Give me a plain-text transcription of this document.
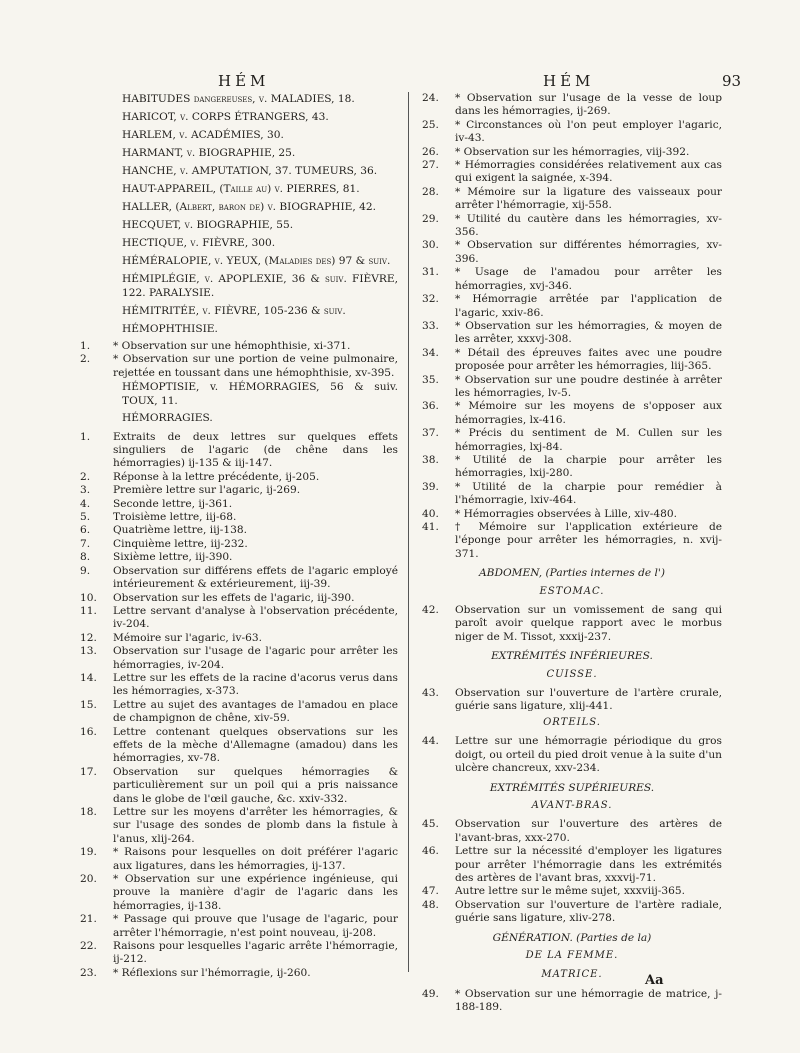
HÉM	HÉM	93

HABITUDES dangereuses, v. MALADIES, 18.

HARICOT, v. CORPS ÉTRANGERS, 43.

HARLEM, v. ACADÉMIES, 30.

HARMANT, v. BIOGRAPHIE, 25.

HANCHE, v. AMPUTATION, 37. TUMEURS, 36.

HAUT-APPAREIL, (Taille au) v. PIERRES, 81.

HALLER, (Albert, baron de) v. BIOGRAPHIE, 42.

HECQUET, v. BIOGRAPHIE, 55.

HECTIQUE, v. FIÈVRE, 300.

HÉMÉRALOPIE, v. YEUX, (Maladies des) 97 & suiv.

HÉMIPLÉGIE, v. APOPLEXIE, 36 & suiv. FIÈVRE, 122. PARALYSIE.

HÉMITRITÉE, v. FIÈVRE, 105-236 & suiv.

HÉMOPHTHISIE.

1.	* Observation sur une hémophthisie, xi-371.

2.	* Observation sur une portion de veine pulmonaire, rejettée en toussant dans une hémophthisie, xv-395.

HÉMOPTISIE, v. HÉMORRAGIES, 56 & suiv. TOUX, 11.

HÉMORRAGIES.

1.	Extraits de deux lettres sur quelques effets singuliers de l'agaric (de chêne dans les hémorragies) ij-135 & iij-147.

2.	Réponse à la lettre précédente, ij-205.

3.	Première lettre sur l'agaric, ij-269.

4.	Seconde lettre, ij-361.

5.	Troisième lettre, iij-68.

6.	Quatrième lettre, iij-138.

7.	Cinquième lettre, iij-232.

8.	Sixième lettre, iij-390.

9.	Observation sur différens effets de l'agaric employé intérieurement & extérieurement, iij-39.

10.	Observation sur les effets de l'agaric, iij-390.

11.	Lettre servant d'analyse à l'observation précédente, iv-204.

12.	Mémoire sur l'agaric, iv-63.

13.	Observation sur l'usage de l'agaric pour arrêter les hémorragies, iv-204.

14.	Lettre sur les effets de la racine d'acorus verus dans les hémorragies, x-373.

15.	Lettre au sujet des avantages de l'amadou en place de champignon de chêne, xiv-59.

16.	Lettre contenant quelques observations sur les effets de la mèche d'Allemagne (amadou) dans les hémorragies, xv-78.

17.	Observation sur quelques hémorragies & particulièrement sur un poil qui a pris naissance dans le globe de l'œil gauche, &c. xxiv-332.

18.	Lettre sur les moyens d'arrêter les hémorragies, & sur l'usage des sondes de plomb dans la fistule à l'anus, xlij-264.

19.	* Raisons pour lesquelles on doit préférer l'agaric aux ligatures, dans les hémorragies, ij-137.

20.	* Observation sur une expérience ingénieuse, qui prouve la manière d'agir de l'agaric dans les hémorragies, ij-138.

21.	* Passage qui prouve que l'usage de l'agaric, pour arrêter l'hémorragie, n'est point nouveau, ij-208.

22.	Raisons pour lesquelles l'agaric arrête l'hémorragie, ij-212.

23.	* Réflexions sur l'hémorragie, ij-260.

24.	* Observation sur l'usage de la vesse de loup dans les hémorragies, ij-269.

25.	* Circonstances où l'on peut employer l'agaric, iv-43.

26.	* Observation sur les hémorragies, viij-392.

27.	* Hémorragies considérées relativement aux cas qui exigent la saignée, x-394.

28.	* Mémoire sur la ligature des vaisseaux pour arrêter l'hémorragie, xij-558.

29.	* Utilité du cautère dans les hémorragies, xv-356.

30.	* Observation sur différentes hémorragies, xv-396.

31.	* Usage de l'amadou pour arrêter les hémorragies, xvj-346.

32.	* Hémorragie arrêtée par l'application de l'agaric, xxiv-86.

33.	* Observation sur les hémorragies, & moyen de les arrêter, xxxvj-308.

34.	* Détail des épreuves faites avec une poudre proposée pour arrêter les hémorragies, liij-365.

35.	* Observation sur une poudre destinée à arrêter les hémorragies, lv-5.

36.	* Mémoire sur les moyens de s'opposer aux hémorragies, lx-416.

37.	* Précis du sentiment de M. Cullen sur les hémorragies, lxj-84.

38.	* Utilité de la charpie pour arrêter les hémorragies, lxij-280.

39.	* Utilité de la charpie pour remédier à l'hémorragie, lxiv-464.

40.	* Hémorragies observées à Lille, xiv-480.

41.	† Mémoire sur l'application extérieure de l'éponge pour arrêter les hémorragies, n. xvij-371.

ABDOMEN, (Parties internes de l')

ESTOMAC.

42.	Observation sur un vomissement de sang qui paroît avoir quelque rapport avec le morbus niger de M. Tissot, xxxij-237.

EXTRÉMITÉS INFÉRIEURES.

CUISSE.

43.	Observation sur l'ouverture de l'artère crurale, guérie sans ligature, xlij-441.

ORTEILS.

44.	Lettre sur une hémorragie périodique du gros doigt, ou orteil du pied droit venue à la suite d'un ulcère chancreux, xxv-234.

EXTRÉMITÉS SUPÉRIEURES.

AVANT-BRAS.

45.	Observation sur l'ouverture des artères de l'avant-bras, xxx-270.

46.	Lettre sur la nécessité d'employer les ligatures pour arrêter l'hémorragie dans les extrémités des artères de l'avant bras, xxxvij-71.

47.	Autre lettre sur le même sujet, xxxviij-365.

48.	Observation sur l'ouverture de l'artère radiale, guérie sans ligature, xliv-278.

GÉNÉRATION. (Parties de la)

DE LA FEMME.

MATRICE.

49.	* Observation sur une hémorragie de matrice, j-188-189.

Aa
